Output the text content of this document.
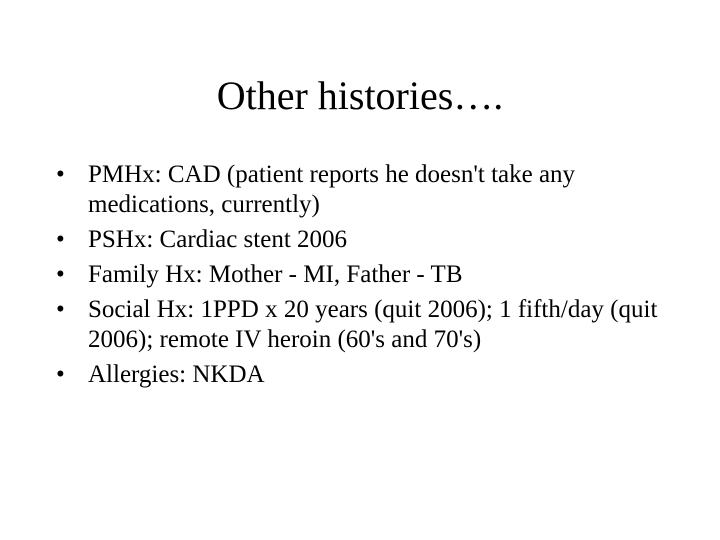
Other histories….
• PMHx: CAD (patient reports he doesn't take any medications, currently)
• PSHx: Cardiac stent 2006
• Family Hx: Mother - MI, Father - TB
• Social Hx: 1PPD x 20 years (quit 2006); 1 fifth/day (quit 2006); remote IV heroin (60's and 70's)
• Allergies: NKDA
